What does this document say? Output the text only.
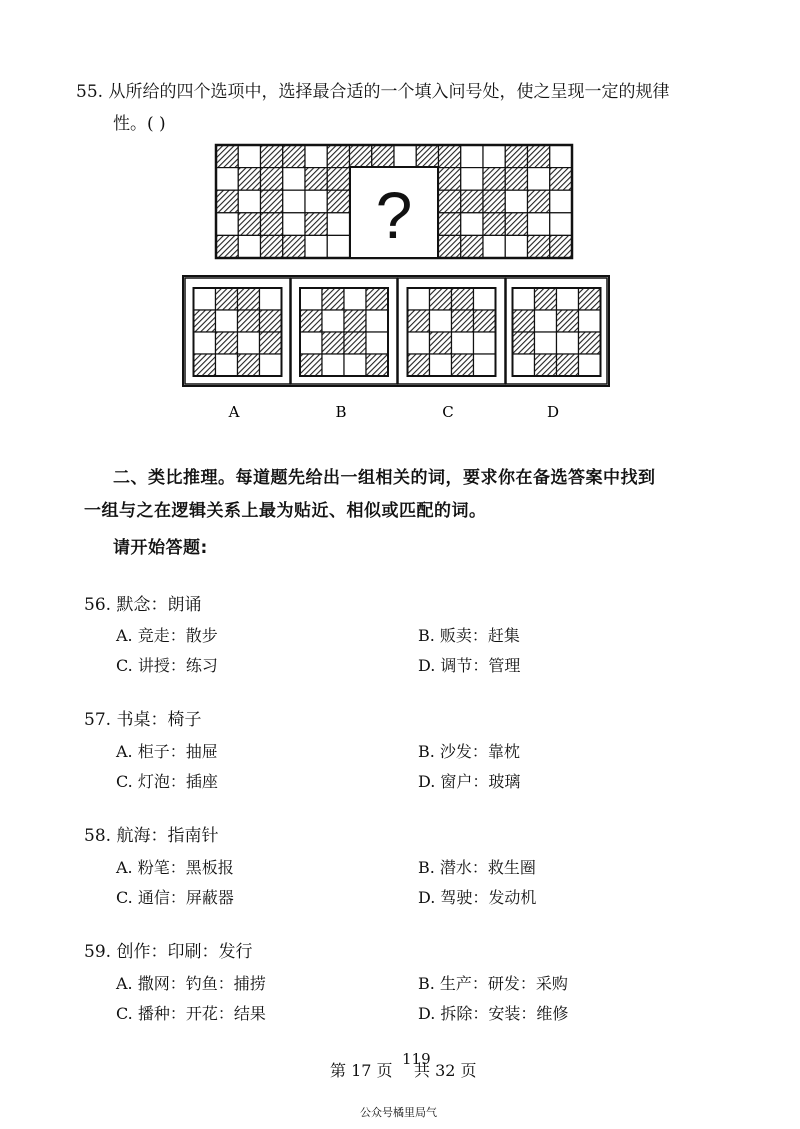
55. 从所给的四个选项中，选择最合适的一个填入问号处，使之呈现一定的规律
性。( )
?
A	B	C	D
二、类比推理。每道题先给出一组相关的词，要求你在备选答案中找到
一组与之在逻辑关系上最为贴近、相似或匹配的词。
请开始答题:
56. 默念：朗诵
A. 竞走：散步	B. 贩卖：赶集
C. 讲授：练习	D. 调节：管理
57. 书桌：椅子
A. 柜子：抽屉	B. 沙发：靠枕
C. 灯泡：插座	D. 窗户：玻璃
58. 航海：指南针
A. 粉笔：黑板报	B. 潜水：救生圈
C. 通信：屏蔽器	D. 驾驶：发动机
59. 创作：印刷：发行
A. 撒网：钓鱼：捕捞	B. 生产：研发：采购
C. 播种：开花：结果	D. 拆除：安装：维修
第 17 页
119
共 32 页
公众号橘里局气
